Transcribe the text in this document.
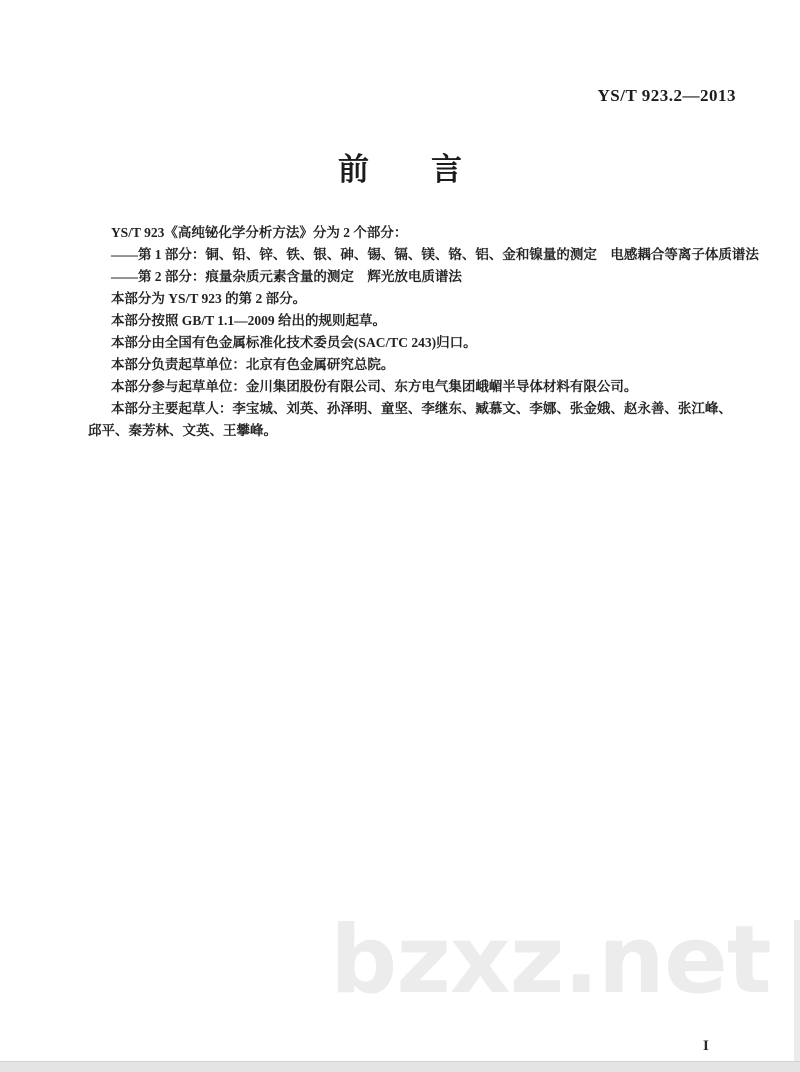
YS/T 923.2—2013
前言

YS/T 923《高纯铋化学分析方法》分为 2 个部分：

——第 1 部分：铜、铅、锌、铁、银、砷、锡、镉、镁、铬、铝、金和镍量的测定　电感耦合等离子体质谱法

——第 2 部分：痕量杂质元素含量的测定　辉光放电质谱法

本部分为 YS/T 923 的第 2 部分。

本部分按照 GB/T 1.1—2009 给出的规则起草。

本部分由全国有色金属标准化技术委员会(SAC/TC 243)归口。

本部分负责起草单位：北京有色金属研究总院。

本部分参与起草单位：金川集团股份有限公司、东方电气集团峨嵋半导体材料有限公司。

本部分主要起草人：李宝城、刘英、孙泽明、童坚、李继东、臧慕文、李娜、张金娥、赵永善、张江峰、

邱平、秦芳林、文英、王攀峰。

bzxz.net
I
